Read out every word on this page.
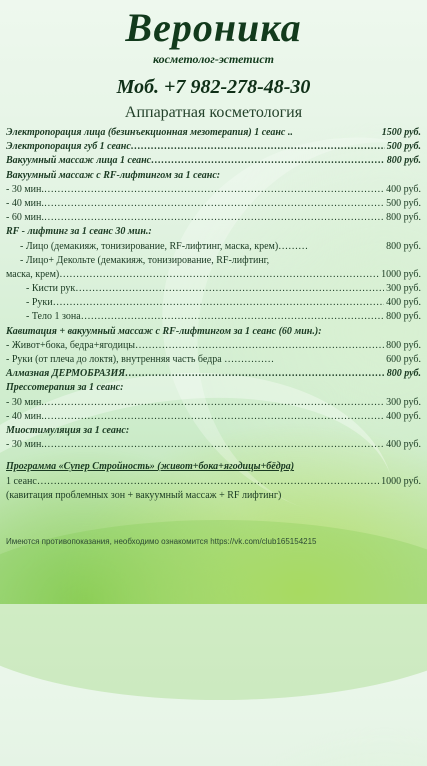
Вероника
косметолог-эстетист
Моб. +7 982-278-48-30
Аппаратная косметология
Электропорация лица (безинъекционная мезотерапия) 1 сеанс ..	1500 руб.
Электропорация губ 1 сеанс ……………………………………………………………………………………………………………………………………	500 руб.
Вакуумный массаж лица 1 сеанс ……………………………………………………………………………………………………………………………………	800 руб.
Вакуумный массаж с RF-лифтингом за 1 сеанс:
- 30 мин. ……………………………………………………………………………………………………………………………………	400 руб.
- 40 мин. ……………………………………………………………………………………………………………………………………	500 руб.
- 60 мин. ……………………………………………………………………………………………………………………………………	800 руб.
RF - лифтинг за 1 сеанс 30 мин.:
- Лицо (демакияж, тонизирование, RF-лифтинг, маска, крем)………	800 руб.
- Лицо+ Декольте (демакияж, тонизирование, RF-лифтинг,
маска, крем) ……………………………………………………………………………………………………………………………………	1000 руб.
- Кисти рук ……………………………………………………………………………………………………………………………………	300 руб.
- Руки ……………………………………………………………………………………………………………………………………	400 руб.
- Тело 1 зона ……………………………………………………………………………………………………………………………………	800 руб.
Кавитация + вакуумный массаж с RF-лифтингом за 1 сеанс (60 мин.):
- Живот+бока, бедра+ягодицы ……………………………………………………………………………………………………………………………………	800 руб.
- Руки (от плеча до локтя), внутренняя часть бедра ……………	600 руб.
Алмазная ДЕРМОБРАЗИЯ ……………………………………………………………………………………………………………………………………	800 руб.
Прессотерапия за 1 сеанс:
- 30 мин. ……………………………………………………………………………………………………………………………………	300 руб.
- 40 мин. ……………………………………………………………………………………………………………………………………	400 руб.
Миостимуляция за 1 сеанс:
- 30 мин. ……………………………………………………………………………………………………………………………………	400 руб.
Программа «Супер Стройность» (живот+бока+ягодицы+бёдра)
1 сеанс ……………………………………………………………………………………………………………………………………	1000 руб.
(кавитация проблемных зон + вакуумный массаж + RF лифтинг)
Имеются противопоказания, необходимо ознакомится https://vk.com/club165154215
